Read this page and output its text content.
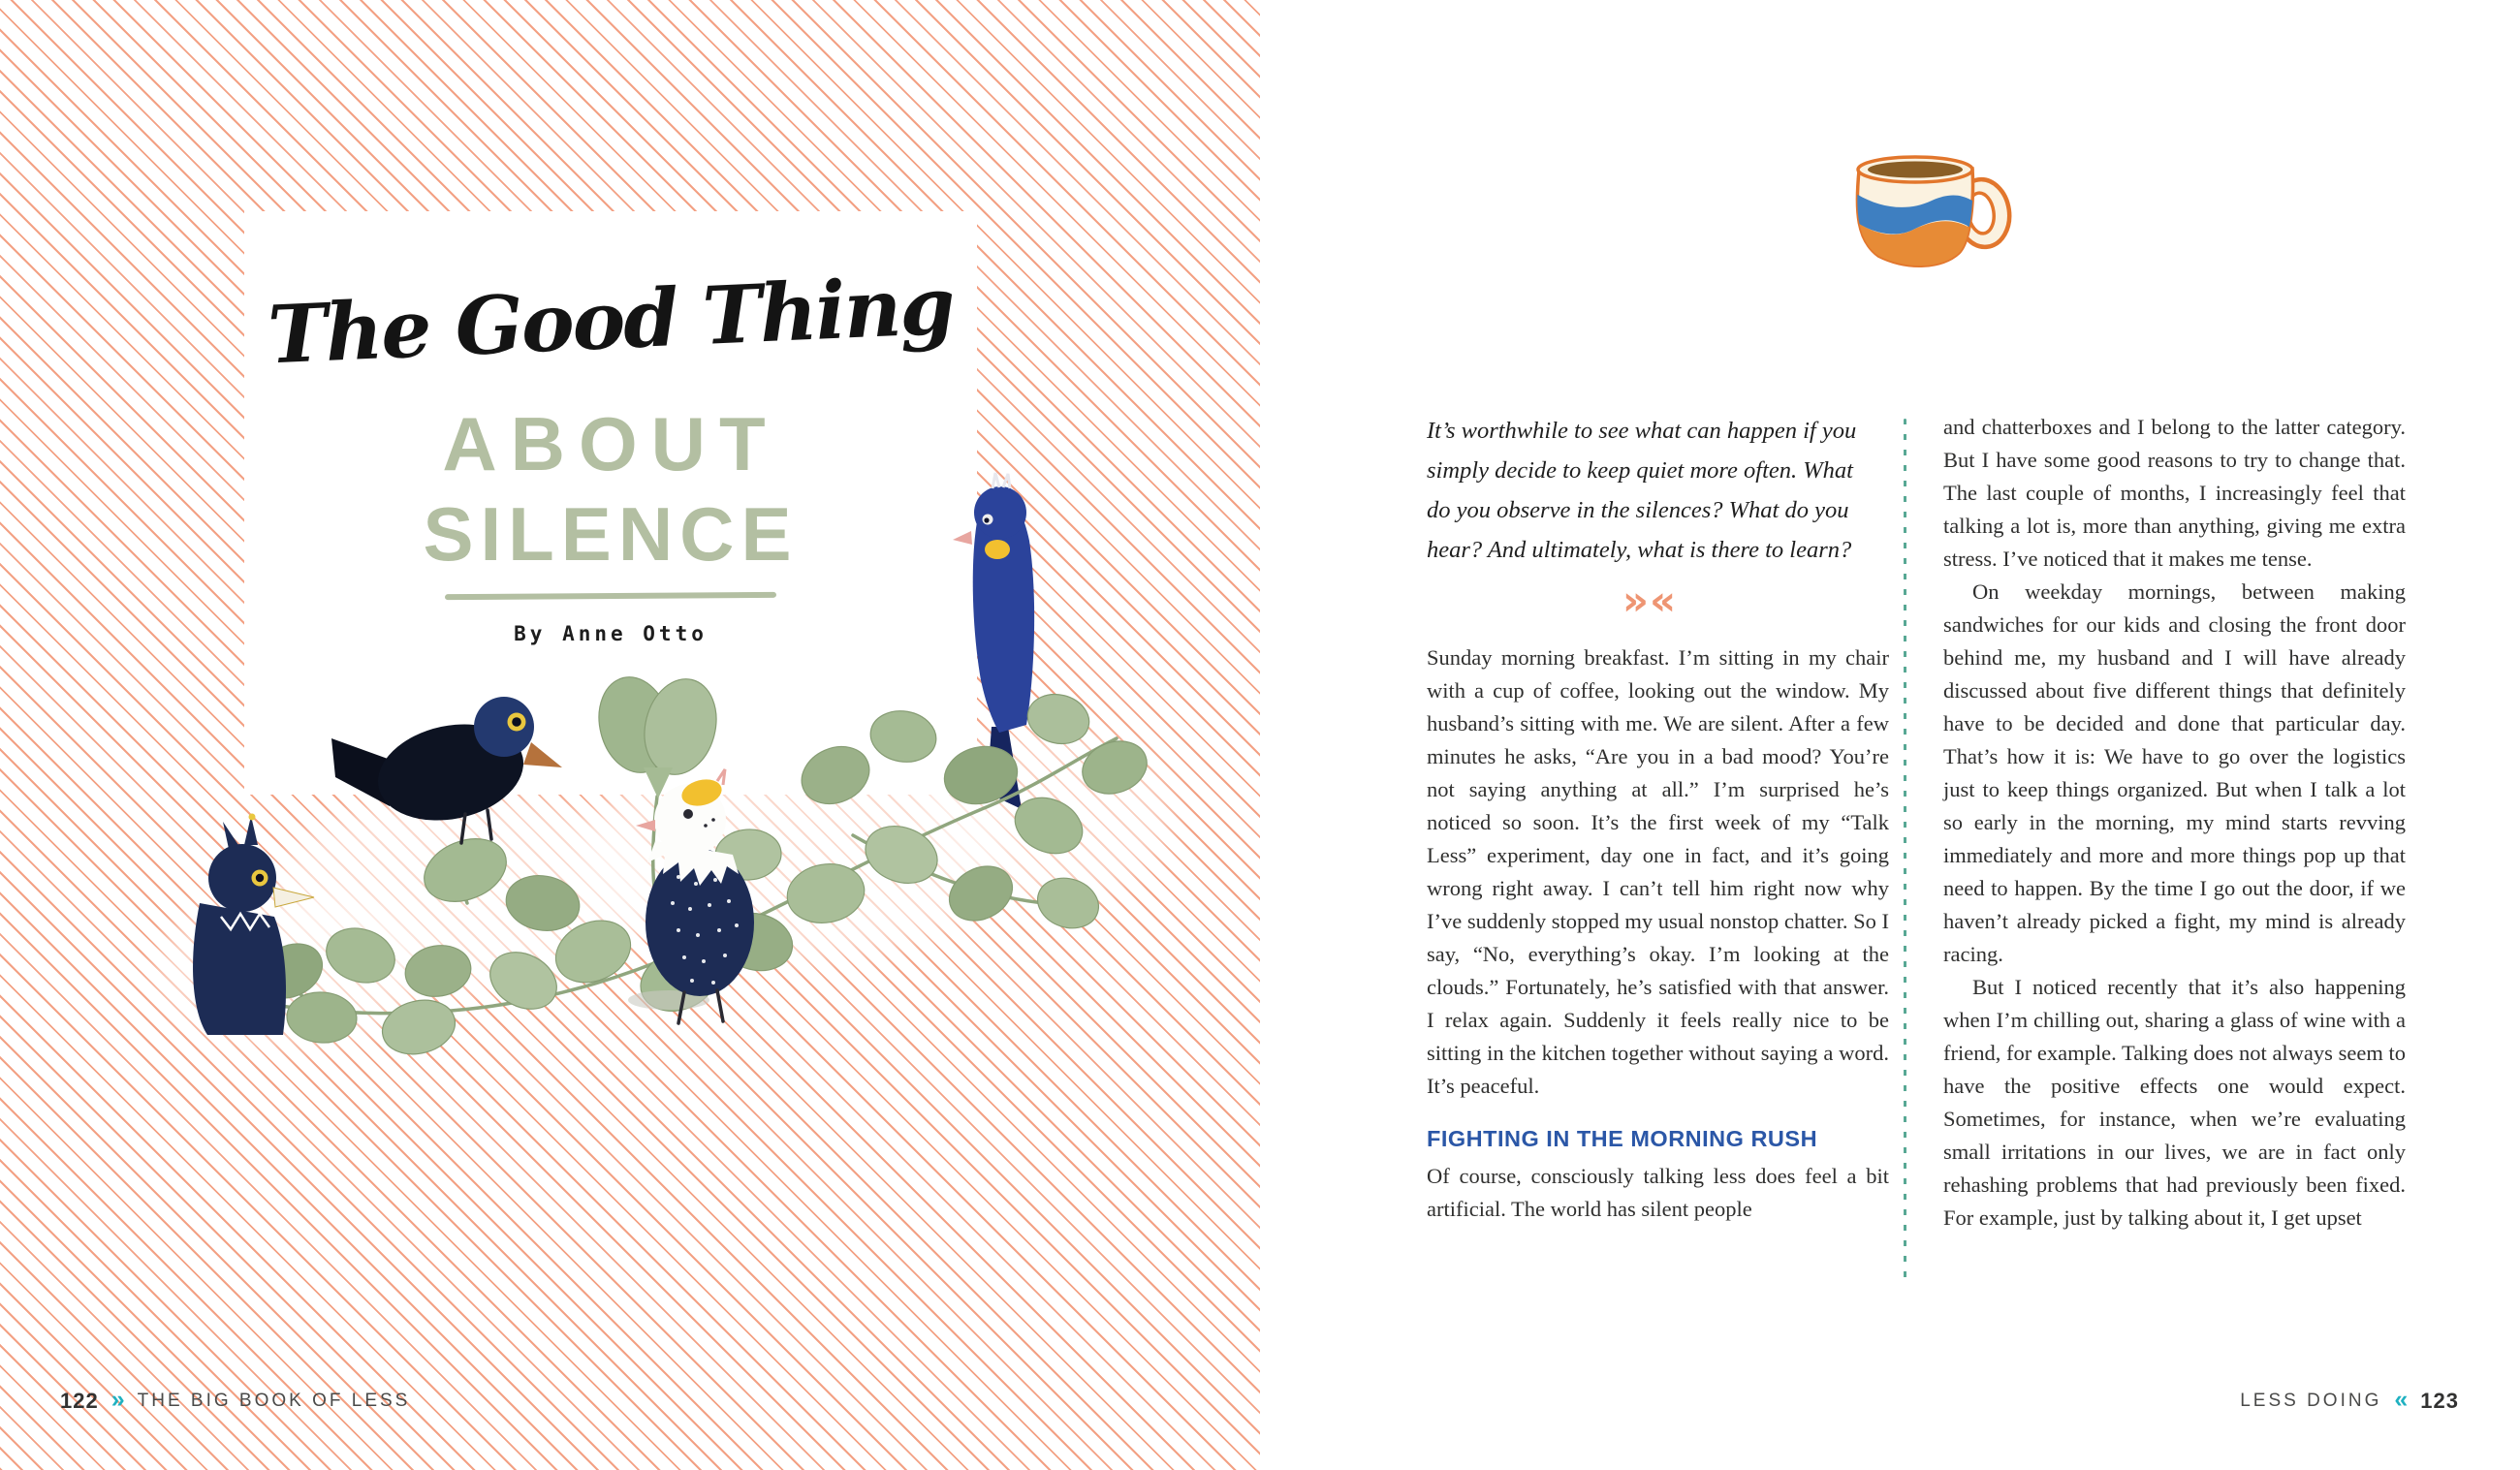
The Good Thing
ABOUT
SILENCE
By Anne Otto
122 » THE BIG BOOK OF LESS

It’s worthwhile to see what can happen if you simply decide to keep quiet more often. What do you observe in the silences? What do you hear? And ultimately, what is there to learn?

»«

Sunday morning breakfast. I’m sitting in my chair with a cup of coffee, looking out the window. My husband’s sitting with me. We are silent. After a few minutes he asks, “Are you in a bad mood? You’re not saying anything at all.” I’m surprised he’s noticed so soon. It’s the first week of my “Talk Less” experiment, day one in fact, and it’s going wrong right away. I can’t tell him right now why I’ve suddenly stopped my usual nonstop chatter. So I say, “No, everything’s okay. I’m looking at the clouds.” Fortunately, he’s satisfied with that answer. I relax again. Suddenly it feels really nice to be sitting in the kitchen together without saying a word. It’s peaceful.

FIGHTING IN THE MORNING RUSH

Of course, consciously talking less does feel a bit artificial. The world has silent people

and chatterboxes and I belong to the latter category. But I have some good reasons to try to change that. The last couple of months, I increasingly feel that talking a lot is, more than anything, giving me extra stress. I’ve noticed that it makes me tense.

On weekday mornings, between making sandwiches for our kids and closing the front door behind me, my husband and I will have already discussed about five different things that definitely have to be decided and done that particular day. That’s how it is: We have to go over the logistics just to keep things organized. But when I talk a lot so early in the morning, my mind starts revving immediately and more and more things pop up that need to happen. By the time I go out the door, if we haven’t already picked a fight, my mind is already racing.

But I noticed recently that it’s also happening when I’m chilling out, sharing a glass of wine with a friend, for example. Talking does not always seem to have the positive effects one would expect. Sometimes, for instance, when we’re evaluating small irritations in our lives, we are in fact only rehashing problems that had previously been fixed. For example, just by talking about it, I get upset

LESS DOING « 123
